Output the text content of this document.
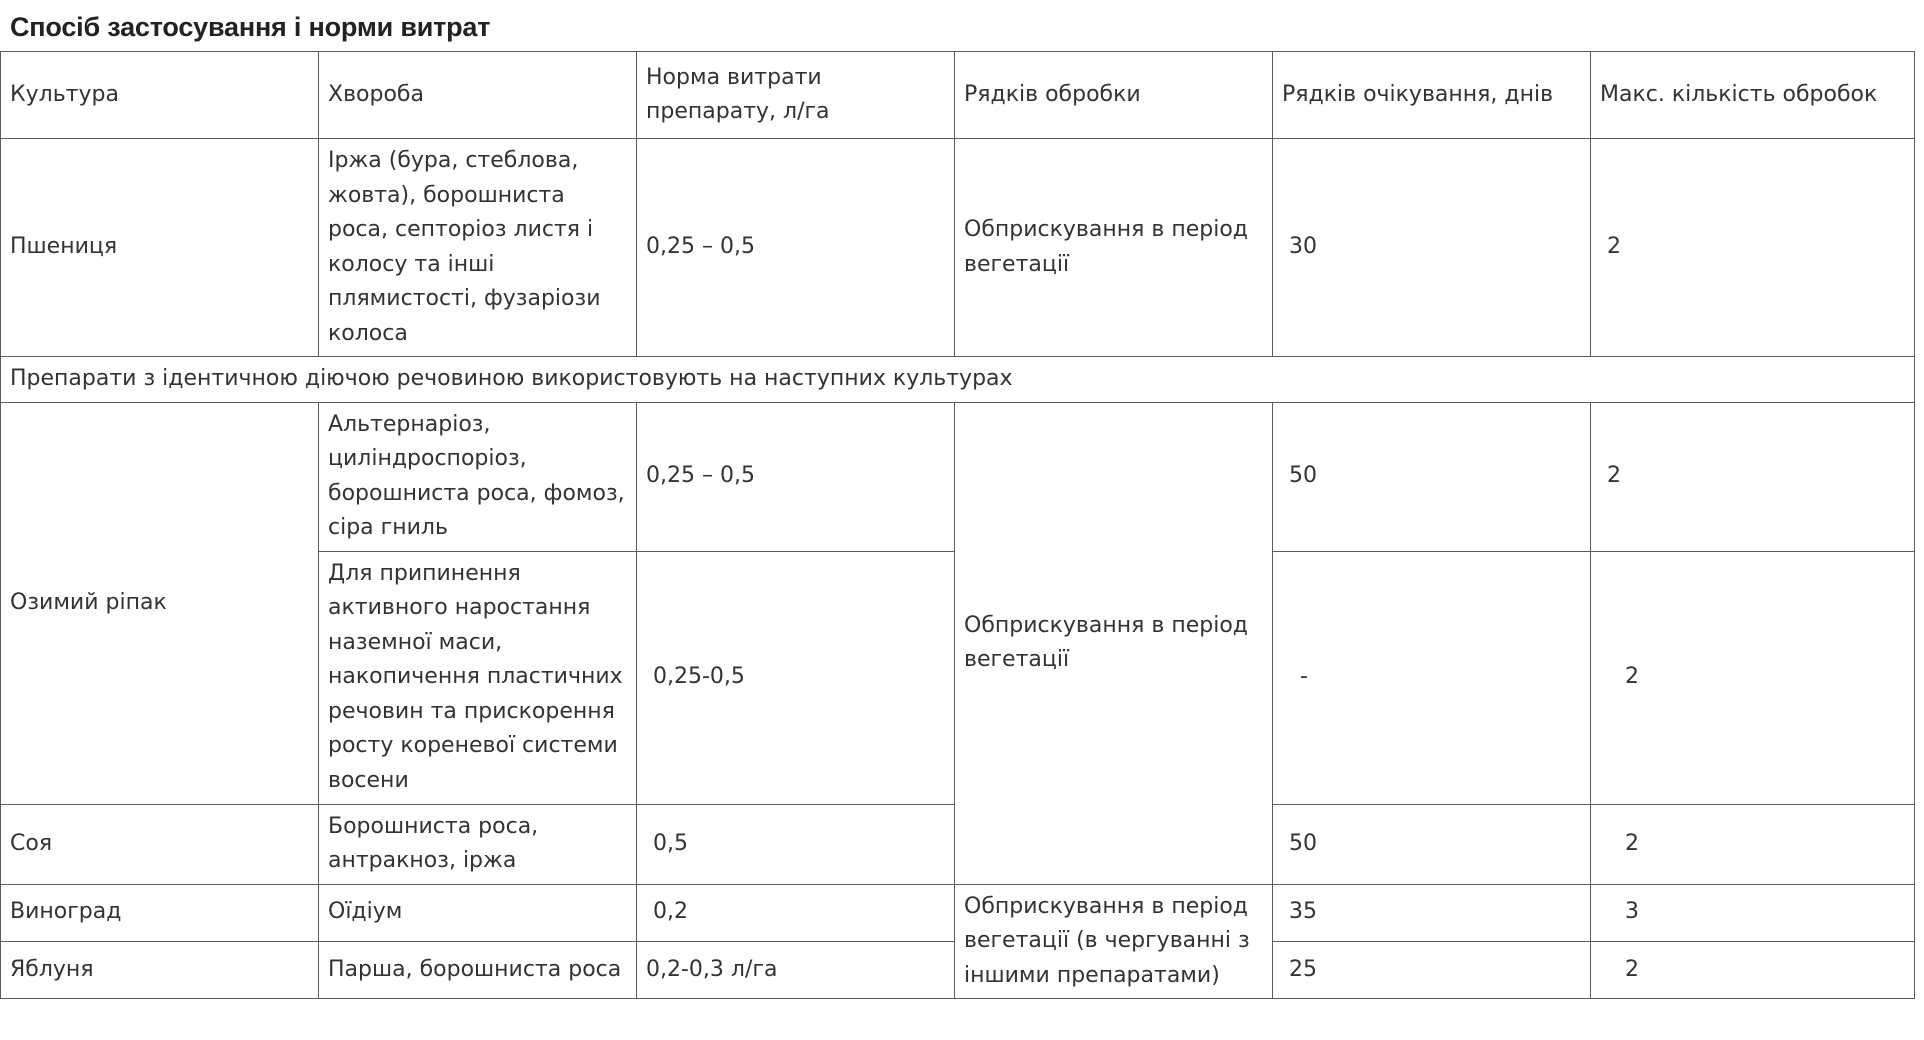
Спосіб застосування і норми витрат
Культура	Хвороба	Норма витрати препарату, л/га	Рядків обробки	Рядків очікування, днів	Макс. кількість обробок
Пшениця	Іржа (бура, стеблова, жовта), борошниста роса, септоріоз листя і колосу та інші плямистості, фузаріози колоса	0,25 – 0,5	Обприскування в період вегетації	30	2
Препарати з ідентичною діючою речовиною використовують на наступних культурах					
Озимий ріпак	Альтернаріоз, циліндроспоріоз, борошниста роса, фомоз, сіра гниль	0,25 – 0,5	Обприскування в період вегетації	50	2
	Для припинення активного наростання наземної маси, накопичення пластичних речовин та прискорення росту кореневої системи восени	0,25-0,5		-	2
Соя	Борошниста роса, антракноз, іржа	0,5		50	2
Виноград	Оїдіум	0,2	Обприскування в період вегетації (в чергуванні з іншими препаратами)	35	3
Яблуня	Парша, борошниста роса	0,2-0,3 л/га		25	2
